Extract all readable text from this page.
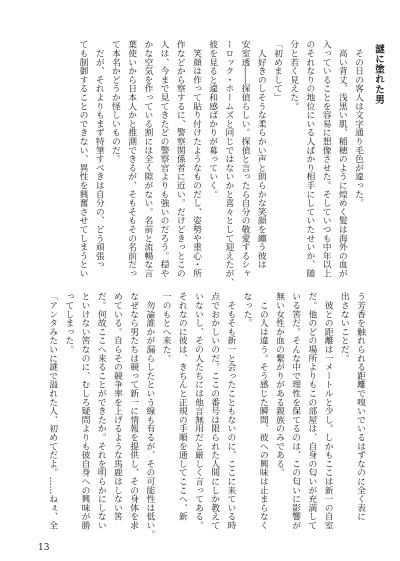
謎に塗れた男

　その日の客人は文字通り毛色が違った。

　高い背丈、浅黒い肌、稲穂のように煌めく髪は海外の血が

入っていることを容易に想像させた。そしていつも中年以上

のそれなりの地位にいる人ばかり相手にしていたせいか、随

分と若く見えた。

「初めまして」

　人好きのしそうな柔らかい声と朗らかな笑顔を纏う彼は

安室透――探偵らしい。探偵と言ったら自分の敬愛するシャ

ーロック・ホームズと同じではないかと喜々として迎えたが、

彼を見ると違和感ばかりが募っていく。

　笑顔は作って貼り付けたようなものだし、姿勢や重心・所

作などから察するに、警察関係者に近い。だけどきっとこの

人は、今まで見てきたどの警察官よりも強いのだろう。穏や

かな空気を作っている割には全く隙がない。名前と流暢な言

葉使いから日本人かと推測できるが、そもそもその名前だっ

て本名かどうか怪しいものだ。

　だが、それよりもまず特筆すべきは自分の、どう頑張っ

ても制御することのできない、異性を興奮させてしまうとい

う芳香を触れられる距離で嗅いでいるはずなのに全く表に

出さないことだ。

　彼との距離は一メートルと少し。しかもここは新一の自室

だ。他のどの場所よりもこの部屋は、自身の匂いが充満して

いる筈だ。そんな中で理性を保てるのは、この匂いに影響が

無い女性か血の繋がりがある親族のみである。

　この人は違う。そう感じた瞬間、彼への興味は止まらなく

なった。

　そもそも新一と会ったこともないのに、ここに来ている時

点でおかしいのだ。ここの番号は限られた人間にしか教えて

いないし、その人たちには他言無用だと厳しく言ってある。

それなのに彼は、きちんと正規の手順を通してここへ、新

一のもとへ来た。

　勿論誰かが漏らしたという線も有るが、その可能性は低い。

なぜなら男たちは競って新一に情報を提供し、その身体を求

めている。自らその競争率を上げるような馬鹿はしない筈

だ。何故ここへ来ることができたか。それを明らかにしない

といけない筈なのに、むしろ疑問よりも彼自身への興味が勝

ってしまった。

「アンタみたいに謎で溢れた人、初めてだよ。……ねぇ、全

13
